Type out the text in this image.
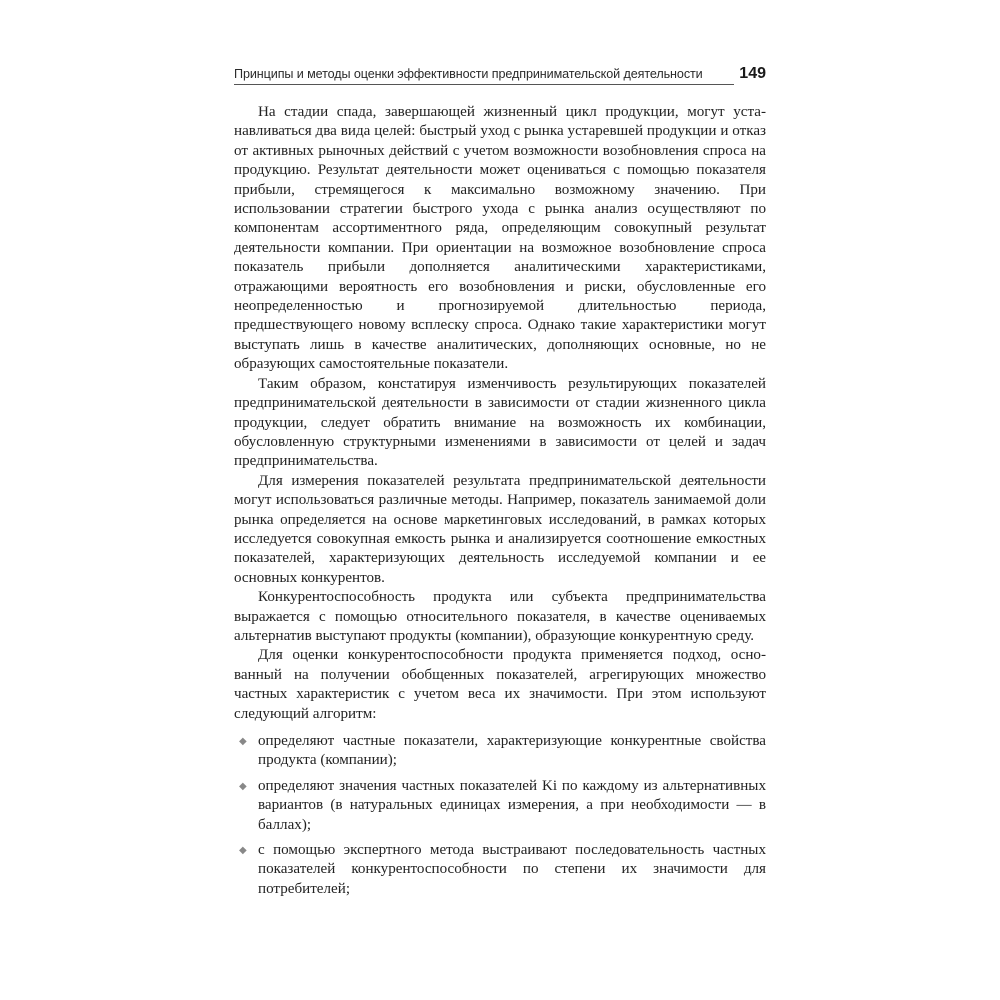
Принципы и методы оценки эффективности предпринимательской деятельности 149

На стадии спада, завершающей жизненный цикл продукции, могут устанавливаться два вида целей: быстрый уход с рынка устаревшей продукции и отказ от активных рыночных действий с учетом возможности возобновления спроса на продукцию. Результат деятельности может оцениваться с помощью показателя прибыли, стремящегося к максимально возможному значению. При использовании стратегии быстрого ухода с рынка анализ осуществляют по компонентам ассортиментного ряда, определяющим совокупный результат деятельности компании. При ориентации на возможное возобновление спроса показатель прибыли дополняется аналитическими характеристиками, отражающими вероятность его возобновления и риски, обусловленные его неопределенностью и прогнозируемой длительностью периода, предшествующего новому всплеску спроса. Однако такие характеристики могут выступать лишь в качестве аналитических, дополняющих основные, но не образующих самостоятельные показатели.

Таким образом, констатируя изменчивость результирующих показателей предпринимательской деятельности в зависимости от стадии жизненного цикла продукции, следует обратить внимание на возможность их комбинации, обусловленную структурными изменениями в зависимости от целей и задач предпринимательства.

Для измерения показателей результата предпринимательской деятельности могут использоваться различные методы. Например, показатель занимаемой доли рынка определяется на основе маркетинговых исследований, в рамках которых исследуется совокупная емкость рынка и анализируется соотношение емкостных показателей, характеризующих деятельность исследуемой компании и ее основных конкурентов.

Конкурентоспособность продукта или субъекта предпринимательства выражается с помощью относительного показателя, в качестве оцениваемых альтернатив выступают продукты (компании), образующие конкурентную среду.

Для оценки конкурентоспособности продукта применяется подход, основанный на получении обобщенных показателей, агрегирующих множество частных характеристик с учетом веса их значимости. При этом используют следующий алгоритм:

◆ определяют частные показатели, характеризующие конкурентные свойства продукта (компании);
◆ определяют значения частных показателей Ki по каждому из альтернативных вариантов (в натуральных единицах измерения, а при необходимости — в баллах);
◆ с помощью экспертного метода выстраивают последовательность частных показателей конкурентоспособности по степени их значимости для потребителей;
